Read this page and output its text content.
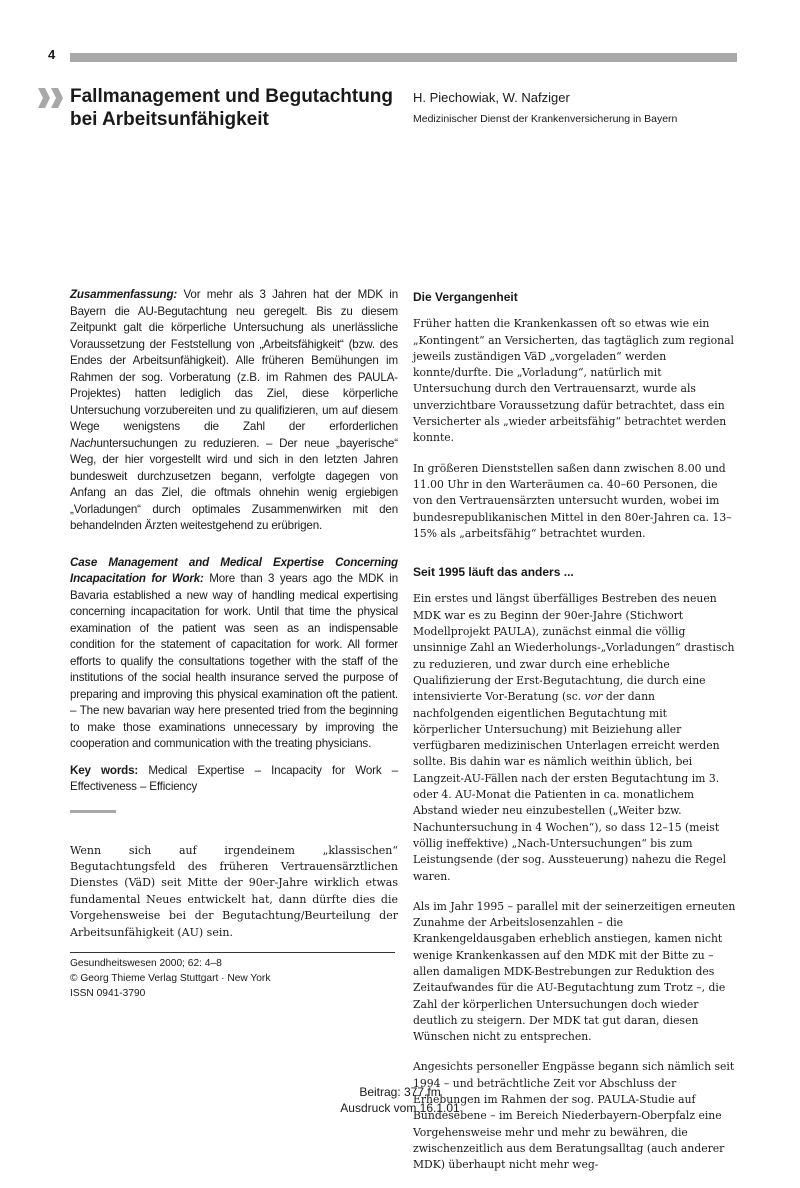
4
Fallmanagement und Begutachtung bei Arbeitsunfähigkeit
H. Piechowiak, W. Nafziger
Medizinischer Dienst der Krankenversicherung in Bayern

Zusammenfassung: Vor mehr als 3 Jahren hat der MDK in Bayern die AU-Begutachtung neu geregelt. Bis zu diesem Zeitpunkt galt die körperliche Untersuchung als unerlässliche Voraussetzung der Feststellung von „Arbeitsfähigkeit“ (bzw. des Endes der Arbeitsunfähigkeit). Alle früheren Bemühungen im Rahmen der sog. Vorberatung (z.B. im Rahmen des PAULA-Projektes) hatten lediglich das Ziel, diese körperliche Untersuchung vorzubereiten und zu qualifizieren, um auf diesem Wege wenigstens die Zahl der erforderlichen Nachuntersuchungen zu reduzieren. – Der neue „bayerische“ Weg, der hier vorgestellt wird und sich in den letzten Jahren bundesweit durchzusetzen begann, verfolgte dagegen von Anfang an das Ziel, die oftmals ohnehin wenig ergiebigen „Vorladungen“ durch optimales Zusammenwirken mit den behandelnden Ärzten weitestgehend zu erübrigen.

Case Management and Medical Expertise Concerning Incapacitation for Work: More than 3 years ago the MDK in Bavaria established a new way of handling medical expertising concerning incapacitation for work. Until that time the physical examination of the patient was seen as an indispensable condition for the statement of capacitation for work. All former efforts to qualify the consultations together with the staff of the institutions of the social health insurance served the purpose of preparing and improving this physical examination oft the patient. – The new bavarian way here presented tried from the beginning to make those examinations unnecessary by improving the cooperation and communication with the treating physicians.

Key words: Medical Expertise – Incapacity for Work – Effectiveness – Efficiency

Wenn sich auf irgendeinem „klassischen“ Begutachtungsfeld des früheren Vertrauensärztlichen Dienstes (VäD) seit Mitte der 90er-Jahre wirklich etwas fundamental Neues entwickelt hat, dann dürfte dies die Vorgehensweise bei der Begutachtung/Beurteilung der Arbeitsunfähigkeit (AU) sein.

Gesundheitswesen 2000; 62: 4–8
© Georg Thieme Verlag Stuttgart · New York
ISSN 0941-3790
Die Vergangenheit

Früher hatten die Krankenkassen oft so etwas wie ein „Kontingent“ an Versicherten, das tagtäglich zum regional jeweils zuständigen VäD „vorgeladen“ werden konnte/durfte. Die „Vorladung“, natürlich mit Untersuchung durch den Vertrauensarzt, wurde als unverzichtbare Voraussetzung dafür betrachtet, dass ein Versicherter als „wieder arbeitsfähig“ betrachtet werden konnte.

In größeren Dienststellen saßen dann zwischen 8.00 und 11.00 Uhr in den Warteräumen ca. 40–60 Personen, die von den Vertrauensärzten untersucht wurden, wobei im bundesrepublikanischen Mittel in den 80er-Jahren ca. 13–15% als „arbeitsfähig“ betrachtet wurden.

Seit 1995 läuft das anders ...

Ein erstes und längst überfälliges Bestreben des neuen MDK war es zu Beginn der 90er-Jahre (Stichwort Modellprojekt PAULA), zunächst einmal die völlig unsinnige Zahl an Wiederholungs-„Vorladungen“ drastisch zu reduzieren, und zwar durch eine erhebliche Qualifizierung der Erst-Begutachtung, die durch eine intensivierte Vor-Beratung (sc. vor der dann nachfolgenden eigentlichen Begutachtung mit körperlicher Untersuchung) mit Beiziehung aller verfügbaren medizinischen Unterlagen erreicht werden sollte. Bis dahin war es nämlich weithin üblich, bei Langzeit-AU-Fällen nach der ersten Begutachtung im 3. oder 4. AU-Monat die Patienten in ca. monatlichem Abstand wieder neu einzubestellen („Weiter bzw. Nachuntersuchung in 4 Wochen“), so dass 12–15 (meist völlig ineffektive) „Nach-Untersuchungen“ bis zum Leistungsende (der sog. Aussteuerung) nahezu die Regel waren.

Als im Jahr 1995 – parallel mit der seinerzeitigen erneuten Zunahme der Arbeitslosenzahlen – die Krankengeldausgaben erheblich anstiegen, kamen nicht wenige Krankenkassen auf den MDK mit der Bitte zu – allen damaligen MDK-Bestrebungen zur Reduktion des Zeitaufwandes für die AU-Begutachtung zum Trotz –, die Zahl der körperlichen Untersuchungen doch wieder deutlich zu steigern. Der MDK tat gut daran, diesen Wünschen nicht zu entsprechen.

Angesichts personeller Engpässe begann sich nämlich seit 1994 – und beträchtliche Zeit vor Abschluss der Erhebungen im Rahmen der sog. PAULA-Studie auf Bundesebene – im Bereich Niederbayern-Oberpfalz eine Vorgehensweise mehr und mehr zu bewähren, die zwischenzeitlich aus dem Beratungsalltag (auch anderer MDK) überhaupt nicht mehr weg-

Beitrag: 377.fm
Ausdruck vom 16.1.01
